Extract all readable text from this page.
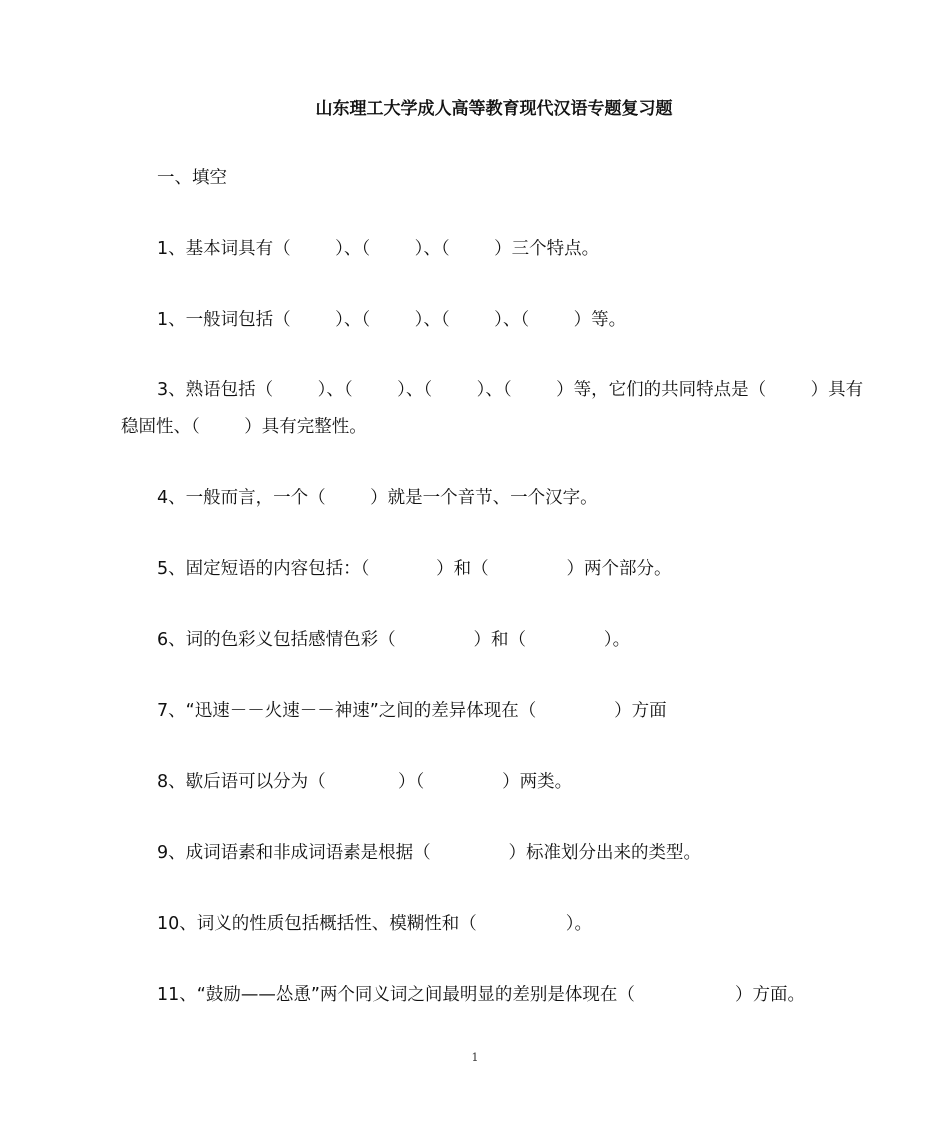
山东理工大学成人高等教育现代汉语专题复习题
一、填空
1、基本词具有（        ）、（        ）、（        ）三个特点。
1、一般词包括（        ）、（        ）、（        ）、（        ）等。
3、熟语包括（        ）、（        ）、（        ）、（        ）等，它们的共同特点是（        ）具有
稳固性、（        ）具有完整性。
4、一般而言，一个（        ）就是一个音节、一个汉字。
5、固定短语的内容包括：（            ）和（              ）两个部分。
6、词的色彩义包括感情色彩（              ）和（              ）。
7、“迅速－－火速－－神速”之间的差异体现在（              ）方面
8、歇后语可以分为（             ）（              ）两类。
9、成词语素和非成词语素是根据（              ）标准划分出来的类型。
10、词义的性质包括概括性、模糊性和（                ）。
11、“鼓励——怂恿”两个同义词之间最明显的差别是体现在（                  ）方面。
1
